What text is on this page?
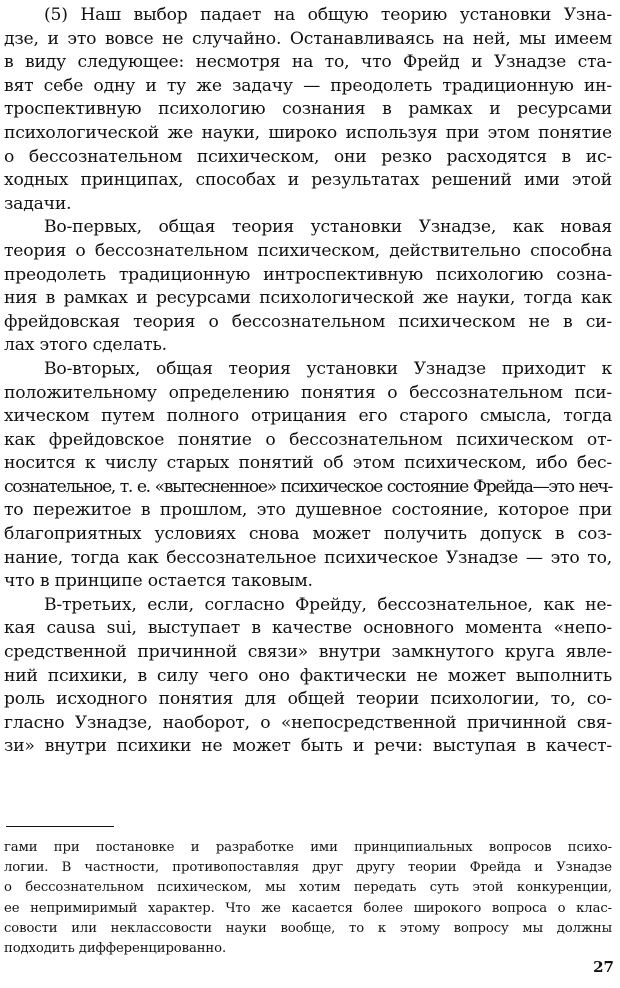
(5) Наш выбор падает на общую теорию установки Узна-
дзе, и это вовсе не случайно. Останавливаясь на ней, мы имеем
в виду следующее: несмотря на то, что Фрейд и Узнадзе ста-
вят себе одну и ту же задачу — преодолеть традиционную ин-
троспективную психологию сознания в рамках и ресурсами
психологической же науки, широко используя при этом понятие
о бессознательном психическом, они резко расходятся в ис-
ходных принципах, способах и результатах решений ими этой
задачи.

Во-первых, общая теория установки Узнадзе, как новая
теория о бессознательном психическом, действительно способна
преодолеть традиционную интроспективную психологию созна-
ния в рамках и ресурсами психологической же науки, тогда как
фрейдовская теория о бессознательном психическом не в си-
лах этого сделать.

Во-вторых, общая теория установки Узнадзе приходит к
положительному определению понятия о бессознательном пси-
хическом путем полного отрицания его старого смысла, тогда
как фрейдовское понятие о бессознательном психическом от-
носится к числу старых понятий об этом психическом, ибо бес-
сознательное, т. е. «вытесненное» психическое состояние Фрейда—это неч-
то пережитое в прошлом, это душевное состояние, которое при
благоприятных условиях снова может получить допуск в соз-
нание, тогда как бессознательное психическое Узнадзе — это то,
что в принципе остается таковым.

В-третьих, если, согласно Фрейду, бессознательное, как не-
кая causa sui, выступает в качестве основного момента «непо-
средственной причинной связи» внутри замкнутого круга явле-
ний психики, в силу чего оно фактически не может выполнить
роль исходного понятия для общей теории психологии, то, со-
гласно Узнадзе, наоборот, о «непосредственной причинной свя-
зи» внутри психики не может быть и речи: выступая в качест-

гами при постановке и разработке ими принципиальных вопросов психо-
логии. В частности, противопоставляя друг другу теории Фрейда и Узнадзе
о бессознательном психическом, мы хотим передать суть этой конкуренции,
ее непримиримый характер. Что же касается более широкого вопроса о клас-
совости или неклассовости науки вообще, то к этому вопросу мы должны
подходить дифференцированно.
27
